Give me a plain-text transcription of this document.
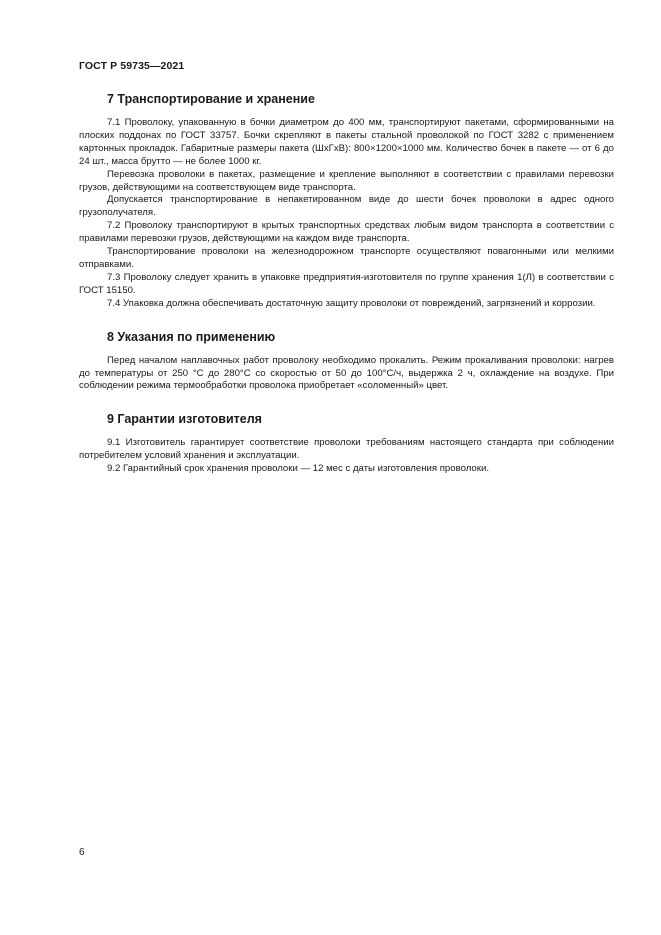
ГОСТ Р 59735—2021
7 Транспортирование и хранение

7.1 Проволоку, упакованную в бочки диаметром до 400 мм, транспортируют пакетами, сформированными на плоских поддонах по ГОСТ 33757. Бочки скрепляют в пакеты стальной проволокой по ГОСТ 3282 с применением картонных прокладок. Габаритные размеры пакета (ШхГхВ): 800×1200×1000 мм. Количество бочек в пакете — от 6 до 24 шт., масса брутто — не более 1000 кг.

Перевозка проволоки в пакетах, размещение и крепление выполняют в соответствии с правилами перевозки грузов, действующими на соответствующем виде транспорта.

Допускается транспортирование в непакетированном виде до шести бочек проволоки в адрес одного грузополучателя.

7.2 Проволоку транспортируют в крытых транспортных средствах любым видом транспорта в соответствии с правилами перевозки грузов, действующими на каждом виде транспорта.

Транспортирование проволоки на железнодорожном транспорте осуществляют повагонными или мелкими отправками.

7.3 Проволоку следует хранить в упаковке предприятия-изготовителя по группе хранения 1(Л) в соответствии с ГОСТ 15150.

7.4 Упаковка должна обеспечивать достаточную защиту проволоки от повреждений, загрязнений и коррозии.

8 Указания по применению

Перед началом наплавочных работ проволоку необходимо прокалить. Режим прокаливания проволоки: нагрев до температуры от 250 °С до 280°С со скоростью от 50 до 100°С/ч, выдержка 2 ч, охлаждение на воздухе. При соблюдении режима термообработки проволока приобретает «соломенный» цвет.

9 Гарантии изготовителя

9.1 Изготовитель гарантирует соответствие проволоки требованиям настоящего стандарта при соблюдении потребителем условий хранения и эксплуатации.

9.2 Гарантийный срок хранения проволоки — 12 мес с даты изготовления проволоки.

6
